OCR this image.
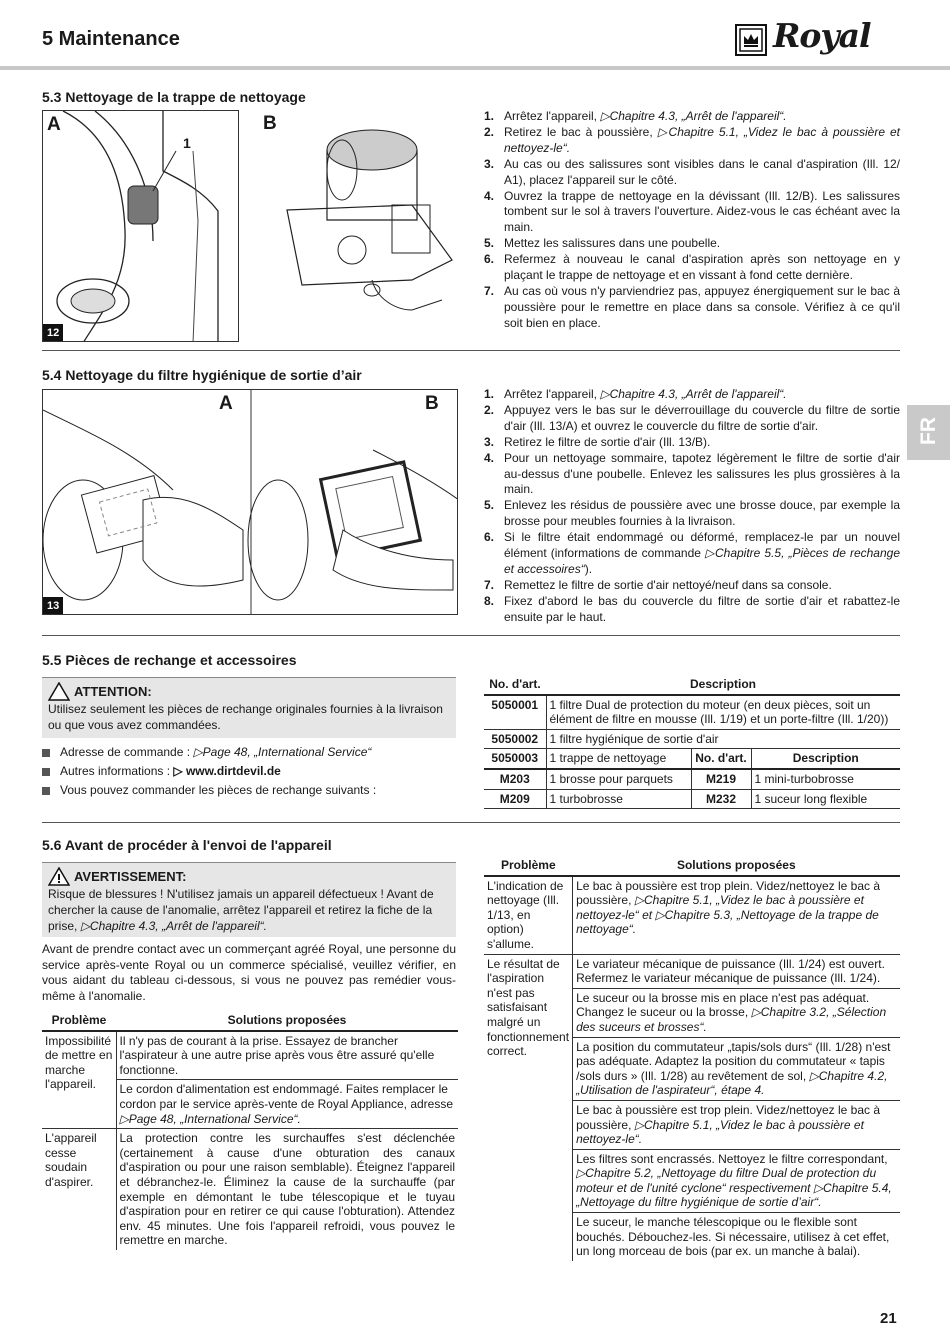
5 Maintenance	Royal
5.3 Nettoyage de la trappe de nettoyage
A
1
12
B	1. Arrêtez l'appareil, ▷Chapitre 4.3, „Arrêt de l'appareil“.
2. Retirez le bac à poussière, ▷Chapitre 5.1, „Videz le bac à poussière et nettoyez-le“.
3. Au cas ou des salissures sont visibles dans le canal d'aspiration (Ill. 12/ A1), placez l'appareil sur le côté.
4. Ouvrez la trappe de nettoyage en la dévissant (Ill. 12/B). Les salissures tombent sur le sol à travers l'ouverture. Aidez-vous le cas échéant avec la main.
5. Mettez les salissures dans une poubelle.
6. Refermez à nouveau le canal d'aspiration après son nettoyage en y plaçant le trappe de nettoyage et en vissant à fond cette dernière.
7. Au cas où vous n'y parviendriez pas, appuyez énergiquement sur le bac à poussière pour le remettre en place dans sa console. Vérifiez à ce qu'il soit bien en place.
5.4 Nettoyage du filtre hygiénique de sortie d’air
A	B
13
1. Arrêtez l'appareil, ▷Chapitre 4.3, „Arrêt de l'appareil“.
2. Appuyez vers le bas sur le déverrouillage du couvercle du filtre de sortie d'air (Ill. 13/A) et ouvrez le couvercle du filtre de sortie d'air.
3. Retirez le filtre de sortie d'air (Ill. 13/B).
4. Pour un nettoyage sommaire, tapotez légèrement le filtre de sortie d'air au-dessus d'une poubelle. Enlevez les salissures les plus grossières à la main.
5. Enlevez les résidus de poussière avec une brosse douce, par exemple la brosse pour meubles fournies à la livraison.
6. Si le filtre était endommagé ou déformé, remplacez-le par un nouvel élément (informations de commande ▷Chapitre 5.5, „Pièces de rechange et accessoires“).
7. Remettez le filtre de sortie d'air nettoyé/neuf dans sa console.
8. Fixez d'abord le bas du couvercle du filtre de sortie d'air et rabattez-le ensuite par le haut.
FR
5.5 Pièces de rechange et accessoires
ATTENTION:
Utilisez seulement les pièces de rechange originales fournies à la livraison ou que vous avez commandées.
Adresse de commande : ▷Page 48, „International Service“
Autres informations : ▷ www.dirtdevil.de
Vous pouvez commander les pièces de rechange suivants :
No. d'art.	Description		
5050001	1 filtre Dual de protection du moteur (en deux pièces, soit un élément de filtre en mousse (Ill. 1/19) et un porte-filtre (Ill. 1/20))		
5050002	1 filtre hygiénique de sortie d'air		
5050003	1 trappe de nettoyage	No. d'art.	Description
M203	1 brosse pour parquets	M219	1 mini-turbobrosse
M209	1 turbobrosse	M232	1 suceur long flexible
5.6 Avant de procéder à l'envoi de l'appareil
AVERTISSEMENT:
Risque de blessures ! N'utilisez jamais un appareil défectueux ! Avant de chercher la cause de l'anomalie, arrêtez l'appareil et retirez la fiche de la prise, ▷Chapitre 4.3, „Arrêt de l'appareil“.
Avant de prendre contact avec un commerçant agréé Royal, une personne du service après-vente Royal ou un commerce spécialisé, veuillez vérifier, en vous aidant du tableau ci-dessous, si vous ne pouvez pas remédier vous-même à l'anomalie.
Problème	Solutions proposées
Impossibilité de mettre en marche l'appareil.	Il n'y pas de courant à la prise. Essayez de brancher l'aspirateur à une autre prise après vous être assuré qu'elle fonctionne.
	Le cordon d'alimentation est endommagé. Faites remplacer le cordon par le service après-vente de Royal Appliance, adresse ▷Page 48, „International Service“.
L'appareil cesse soudain d'aspirer.	La protection contre les surchauffes s'est déclenchée (certainement à cause d'une obturation des canaux d'aspiration ou pour une raison semblable). Éteignez l'appareil et débranchez-le. Éliminez la cause de la surchauffe (par exemple en démontant le tube télescopique et le tuyau d'aspiration pour en retirer ce qui cause l'obturation). Attendez env. 45 minutes. Une fois l'appareil refroidi, vous pouvez le remettre en marche.
Problème	Solutions proposées
L'indication de nettoyage (Ill. 1/13, en option) s'allume.	Le bac à poussière est trop plein. Videz/nettoyez le bac à poussière, ▷Chapitre 5.1, „Videz le bac à poussière et nettoyez-le“ et ▷Chapitre 5.3, „Nettoyage de la trappe de nettoyage“.
Le résultat de l'aspiration n'est pas satisfaisant malgré un fonctionnement correct.	Le variateur mécanique de puissance (Ill. 1/24) est ouvert. Refermez le variateur mécanique de puissance (Ill. 1/24).
	Le suceur ou la brosse mis en place n'est pas adéquat. Changez le suceur ou la brosse, ▷Chapitre 3.2, „Sélection des suceurs et brosses“.
	La position du commutateur „tapis/sols durs“ (Ill. 1/28) n'est pas adéquate. Adaptez la position du commutateur « tapis /sols durs » (Ill. 1/28) au revêtement de sol, ▷Chapitre 4.2, „Utilisation de l'aspirateur“, étape 4.
	Le bac à poussière est trop plein. Videz/nettoyez le bac à poussière, ▷Chapitre 5.1, „Videz le bac à poussière et nettoyez-le“.
	Les filtres sont encrassés. Nettoyez le filtre correspondant, ▷Chapitre 5.2, „Nettoyage du filtre Dual de protection du moteur et de l'unité cyclone“ respectivement ▷Chapitre 5.4, „Nettoyage du filtre hygiénique de sortie d’air“.
	Le suceur, le manche télescopique ou le flexible sont bouchés. Débouchez-les. Si nécessaire, utilisez à cet effet, un long morceau de bois (par ex. un manche à balai).
21
